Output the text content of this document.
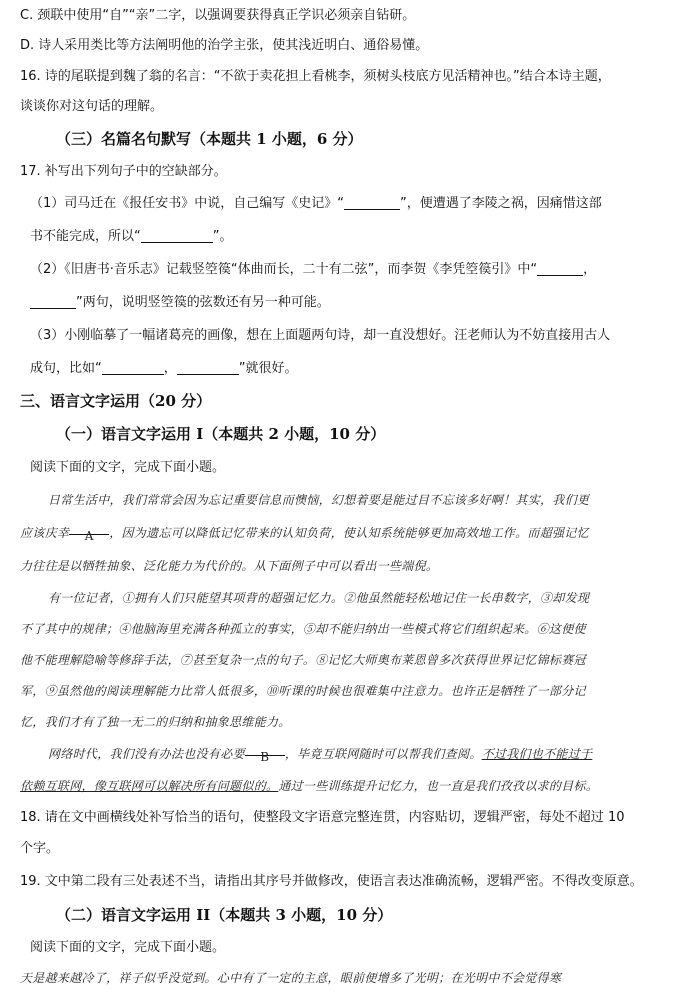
C. 颈联中使用“自”“亲”二字，以强调要获得真正学识必须亲自钻研。

D. 诗人采用类比等方法阐明他的治学主张，使其浅近明白、通俗易懂。

16. 诗的尾联提到魏了翁的名言：“不欲于卖花担上看桃李，须树头枝底方见活精神也。”结合本诗主题，

谈谈你对这句话的理解。

（三）名篇名句默写（本题共 1 小题，6 分）

17. 补写出下列句子中的空缺部分。

（1）司马迁在《报任安书》中说，自己编写《史记》“	”，便遭遇了李陵之祸，因痛惜这部

书不能完成，所以“	”。

（2）《旧唐书·音乐志》记载竖箜篌“体曲而长，二十有二弦”，而李贺《李凭箜篌引》中“	，

”两句，说明竖箜篌的弦数还有另一种可能。

（3）小刚临摹了一幅诸葛亮的画像，想在上面题两句诗，却一直没想好。汪老师认为不妨直接用古人

成句，比如“	，	”就很好。

三、语言文字运用（20 分）

（一）语言文字运用 I（本题共 2 小题，10 分）

阅读下面的文字，完成下面小题。

日常生活中，我们常常会因为忘记重要信息而懊恼，幻想着要是能过目不忘该多好啊！其实，我们更

应该庆幸 A ，因为遗忘可以降低记忆带来的认知负荷，使认知系统能够更加高效地工作。而超强记忆

力往往是以牺牲抽象、泛化能力为代价的。从下面例子中可以看出一些端倪。

有一位记者，①拥有人们只能望其项背的超强记忆力。②他虽然能轻松地记住一长串数字，③却发现

不了其中的规律；④他脑海里充满各种孤立的事实，⑤却不能归纳出一些模式将它们组织起来。⑥这便使

他不能理解隐喻等修辞手法，⑦甚至复杂一点的句子。⑧记忆大师奥布莱恩曾多次获得世界记忆锦标赛冠

军，⑨虽然他的阅读理解能力比常人低很多，⑩听课的时候也很难集中注意力。也许正是牺牲了一部分记

忆，我们才有了独一无二的归纳和抽象思维能力。

网络时代，我们没有办法也没有必要 B ，毕竟互联网随时可以帮我们查阅。不过我们也不能过于

依赖互联网，像互联网可以解决所有问题似的。通过一些训练提升记忆力，也一直是我们孜孜以求的目标。

18. 请在文中画横线处补写恰当的语句，使整段文字语意完整连贯，内容贴切，逻辑严密，每处不超过 10

个字。

19. 文中第二段有三处表述不当，请指出其序号并做修改，使语言表达准确流畅，逻辑严密。不得改变原意。

（二）语言文字运用 II（本题共 3 小题，10 分）

阅读下面的文字，完成下面小题。

天是越来越冷了，祥子似乎没觉到。心中有了一定的主意，眼前便增多了光明；在光明中不会觉得寒
